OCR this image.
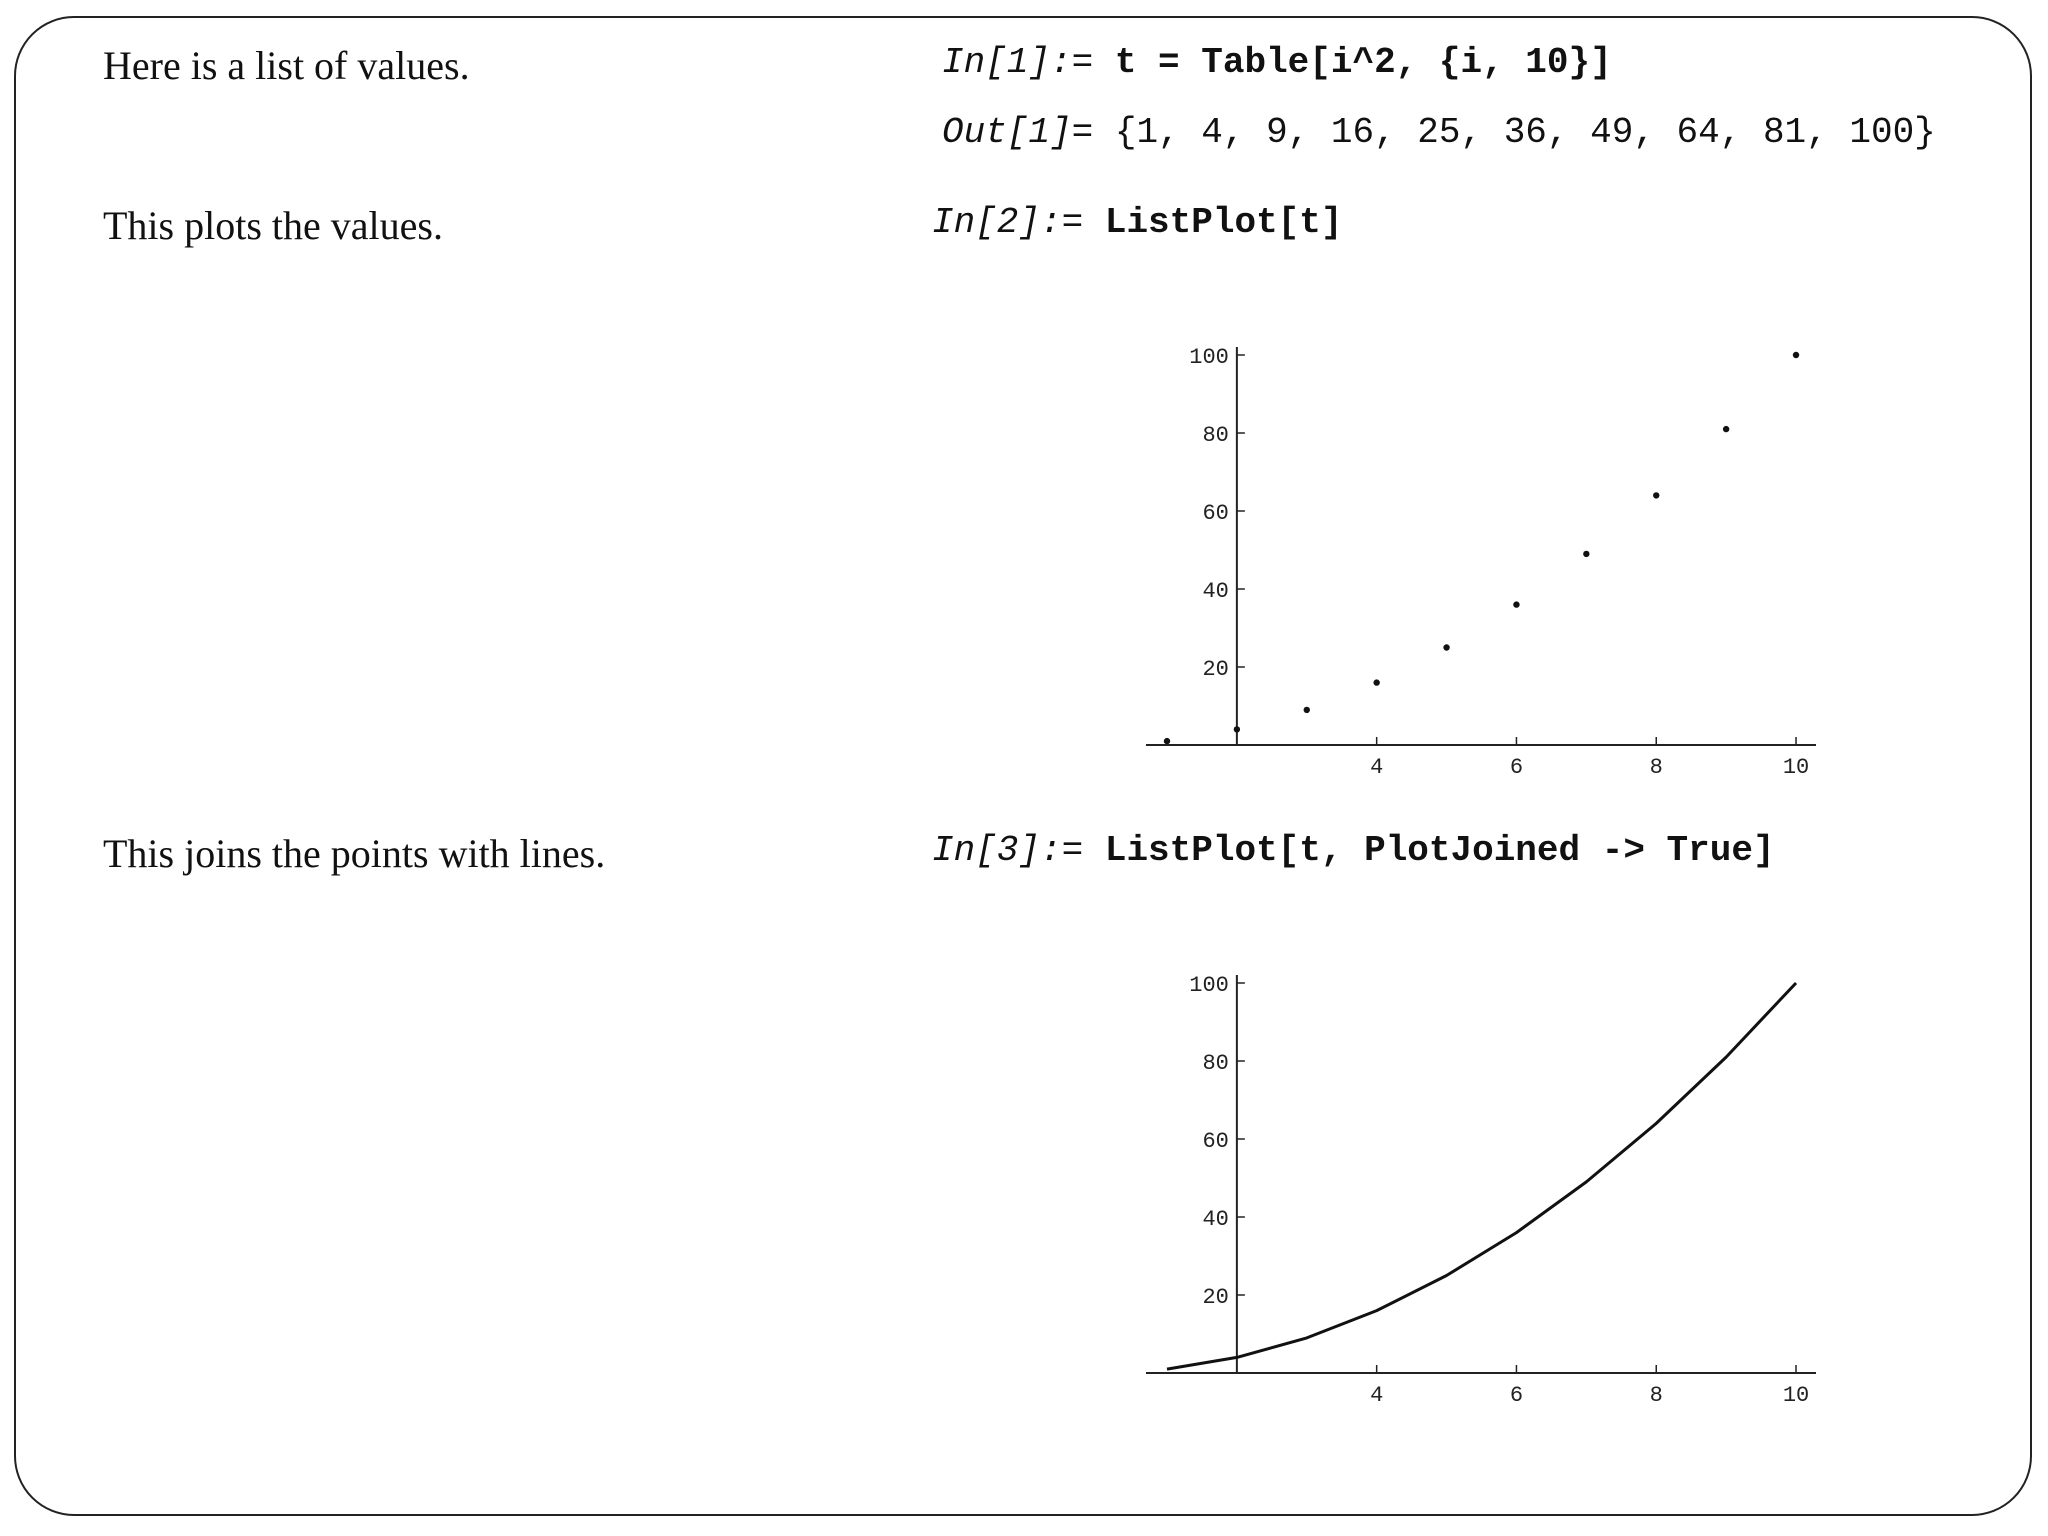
Here is a list of values.	In[1]:= t = Table[i^2, {i, 10}]
Out[1]= {1, 4, 9, 16, 25, 36, 49, 64, 81, 100}
This plots the values.	In[2]:= ListPlot[t]
4	6	8	10
20
40
60
80
100
This joins the points with lines.	In[3]:= ListPlot[t, PlotJoined -> True]
4	6	8	10
20
40
60
80
100
